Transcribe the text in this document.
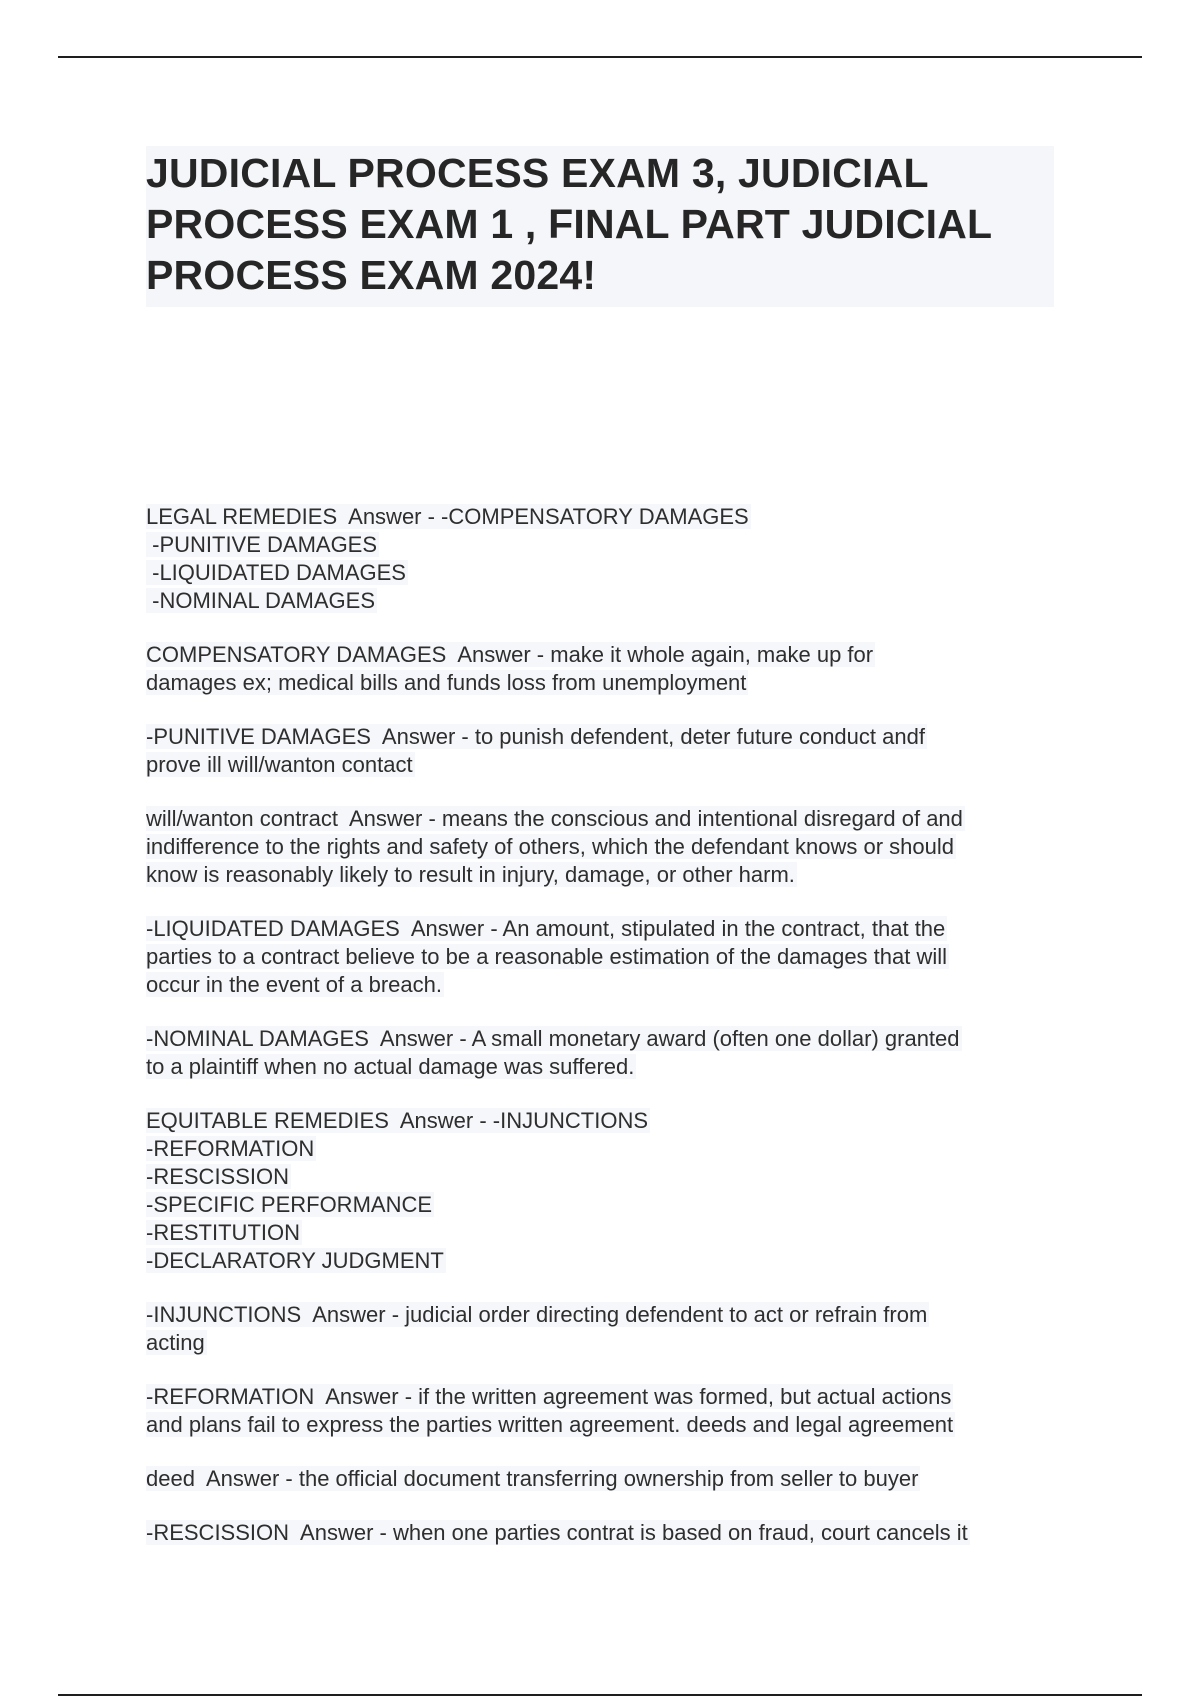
JUDICIAL PROCESS EXAM 3, JUDICIAL
PROCESS EXAM 1 , FINAL PART JUDICIAL
PROCESS EXAM 2024!
LEGAL REMEDIES  Answer - -COMPENSATORY DAMAGES
-PUNITIVE DAMAGES
-LIQUIDATED DAMAGES
-NOMINAL DAMAGES
COMPENSATORY DAMAGES  Answer - make it whole again, make up for
damages ex; medical bills and funds loss from unemployment
-PUNITIVE DAMAGES  Answer - to punish defendent, deter future conduct andf
prove ill will/wanton contact
will/wanton contract  Answer - means the conscious and intentional disregard of and
indifference to the rights and safety of others, which the defendant knows or should
know is reasonably likely to result in injury, damage, or other harm.
-LIQUIDATED DAMAGES  Answer - An amount, stipulated in the contract, that the
parties to a contract believe to be a reasonable estimation of the damages that will
occur in the event of a breach.
-NOMINAL DAMAGES  Answer - A small monetary award (often one dollar) granted
to a plaintiff when no actual damage was suffered.
EQUITABLE REMEDIES  Answer - -INJUNCTIONS
-REFORMATION
-RESCISSION
-SPECIFIC PERFORMANCE
-RESTITUTION
-DECLARATORY JUDGMENT
-INJUNCTIONS  Answer - judicial order directing defendent to act or refrain from
acting
-REFORMATION  Answer - if the written agreement was formed, but actual actions
and plans fail to express the parties written agreement. deeds and legal agreement
deed  Answer - the official document transferring ownership from seller to buyer
-RESCISSION  Answer - when one parties contrat is based on fraud, court cancels it
